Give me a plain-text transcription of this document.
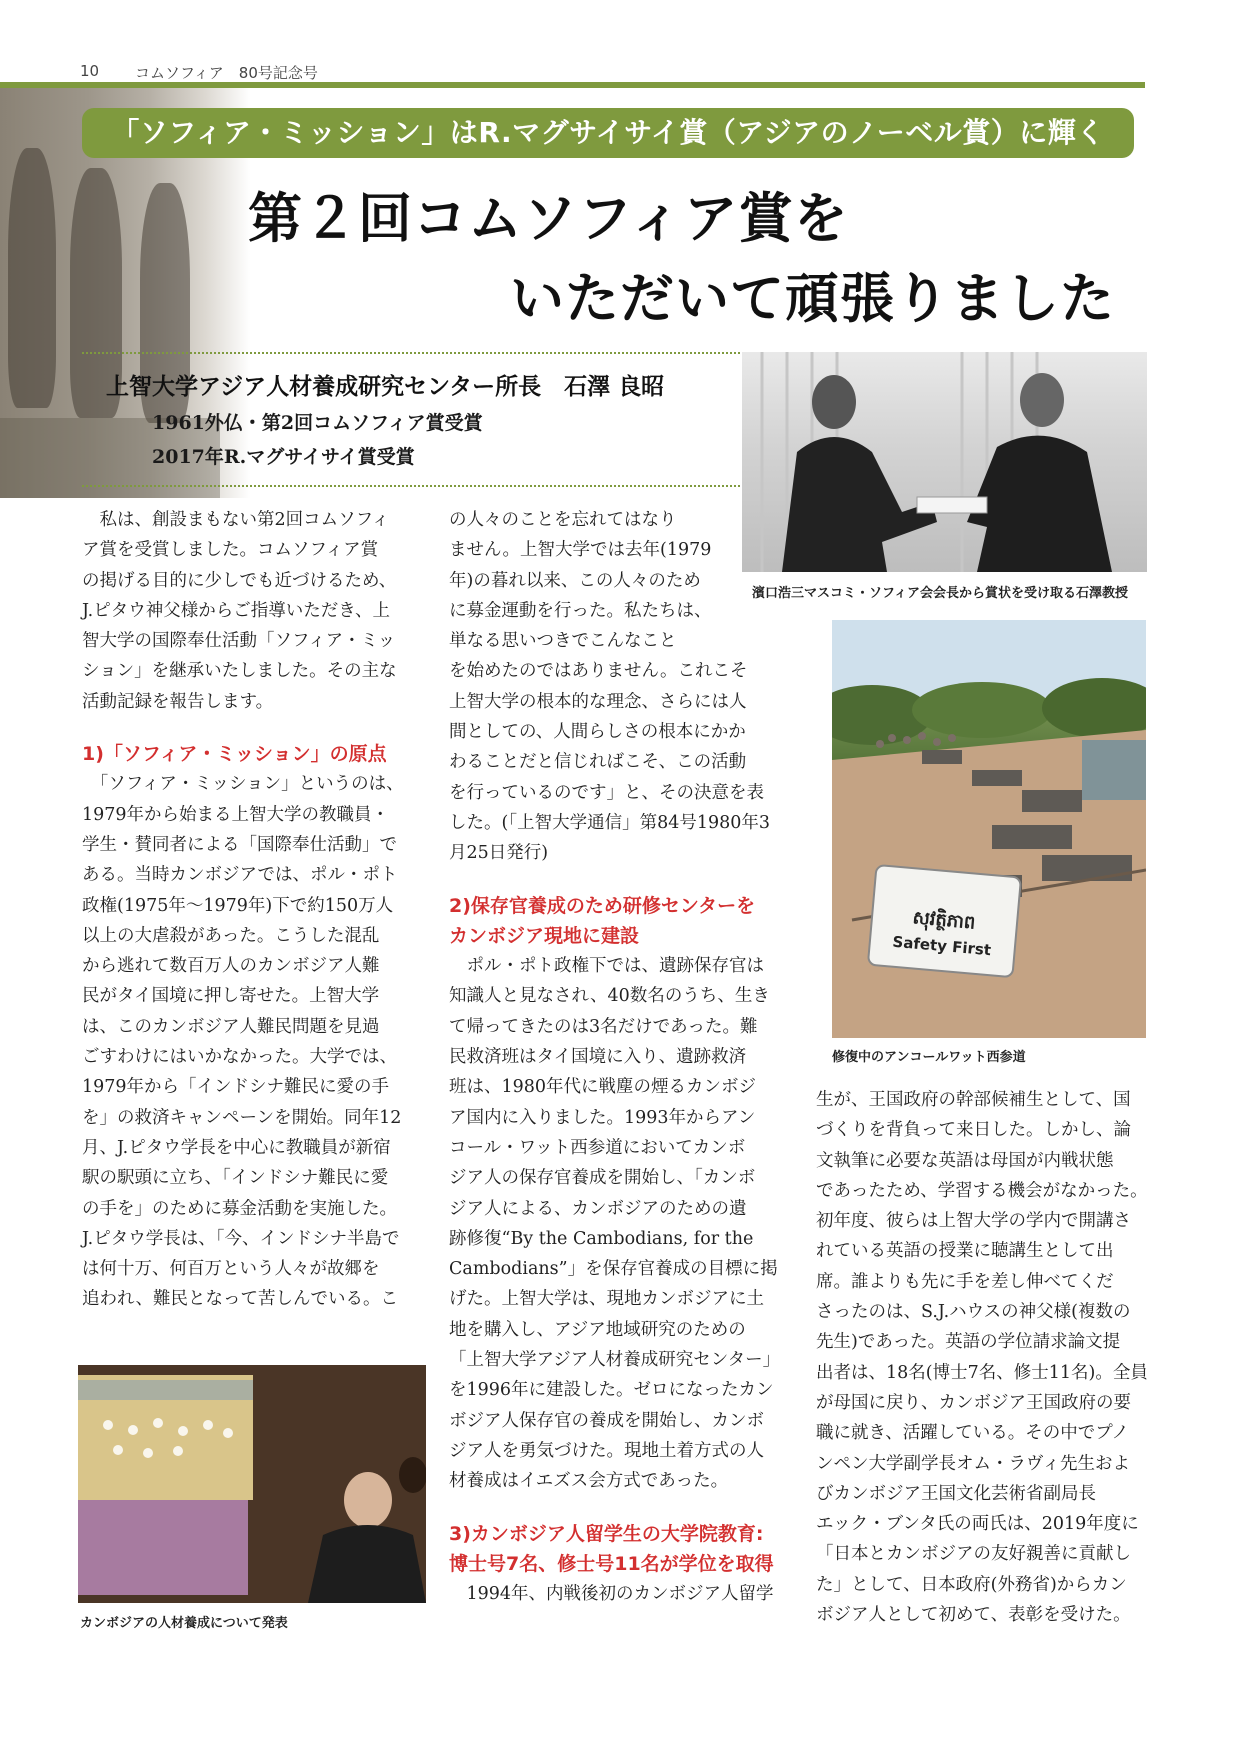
10 コムソフィア　80号記念号
「ソフィア・ミッション」はR.マグサイサイ賞（アジアのノーベル賞）に輝く
第２回コムソフィア賞を
いただいて頑張りました
上智大学アジア人材養成研究センター所長　石澤 良昭
1961外仏・第2回コムソフィア賞受賞
2017年R.マグサイサイ賞受賞
濱口浩三マスコミ・ソフィア会会長から賞状を受け取る石澤教授
សុវត្ថិភាព
Safety First
修復中のアンコールワット西参道
カンボジアの人材養成について発表
　私は、創設まもない第2回コムソフィ
ア賞を受賞しました。コムソフィア賞
の掲げる目的に少しでも近づけるため、
J.ピタウ神父様からご指導いただき、上
智大学の国際奉仕活動「ソフィア・ミッ
ション」を継承いたしました。その主な
活動記録を報告します。
1)「ソフィア・ミッション」の原点
　「ソフィア・ミッション」というのは、
1979年から始まる上智大学の教職員・
学生・賛同者による「国際奉仕活動」で
ある。当時カンボジアでは、ポル・ポト
政権(1975年〜1979年)下で約150万人
以上の大虐殺があった。こうした混乱
から逃れて数百万人のカンボジア人難
民がタイ国境に押し寄せた。上智大学
は、このカンボジア人難民問題を見過
ごすわけにはいかなかった。大学では、
1979年から「インドシナ難民に愛の手
を」の救済キャンペーンを開始。同年12
月、J.ピタウ学長を中心に教職員が新宿
駅の駅頭に立ち、「インドシナ難民に愛
の手を」のために募金活動を実施した。
J.ピタウ学長は、「今、インドシナ半島で
は何十万、何百万という人々が故郷を
追われ、難民となって苦しんでいる。こ
の人々のことを忘れてはなり
ません。上智大学では去年(1979
年)の暮れ以来、この人々のため
に募金運動を行った。私たちは、
単なる思いつきでこんなこと
を始めたのではありません。これこそ
上智大学の根本的な理念、さらには人
間としての、人間らしさの根本にかか
わることだと信じればこそ、この活動
を行っているのです」と、その決意を表
した。(「上智大学通信」第84号1980年3
月25日発行)
2)保存官養成のため研修センターを
カンボジア現地に建設
　ポル・ポト政権下では、遺跡保存官は
知識人と見なされ、40数名のうち、生き
て帰ってきたのは3名だけであった。難
民救済班はタイ国境に入り、遺跡救済
班は、1980年代に戦塵の煙るカンボジ
ア国内に入りました。1993年からアン
コール・ワット西参道においてカンボ
ジア人の保存官養成を開始し、「カンボ
ジア人による、カンボジアのための遺
跡修復“By the Cambodians, for the
Cambodians”」を保存官養成の目標に掲
げた。上智大学は、現地カンボジアに土
地を購入し、アジア地域研究のための
「上智大学アジア人材養成研究センター」
を1996年に建設した。ゼロになったカン
ボジア人保存官の養成を開始し、カンボ
ジア人を勇気づけた。現地土着方式の人
材養成はイエズス会方式であった。
3)カンボジア人留学生の大学院教育:
博士号7名、修士号11名が学位を取得
　1994年、内戦後初のカンボジア人留学
生が、王国政府の幹部候補生として、国
づくりを背負って来日した。しかし、論
文執筆に必要な英語は母国が内戦状態
であったため、学習する機会がなかった。
初年度、彼らは上智大学の学内で開講さ
れている英語の授業に聴講生として出
席。誰よりも先に手を差し伸べてくだ
さったのは、S.J.ハウスの神父様(複数の
先生)であった。英語の学位請求論文提
出者は、18名(博士7名、修士11名)。全員
が母国に戻り、カンボジア王国政府の要
職に就き、活躍している。その中でプノ
ンペン大学副学長オム・ラヴィ先生およ
びカンボジア王国文化芸術省副局長
エック・ブンタ氏の両氏は、2019年度に
「日本とカンボジアの友好親善に貢献し
た」として、日本政府(外務省)からカン
ボジア人として初めて、表彰を受けた。
